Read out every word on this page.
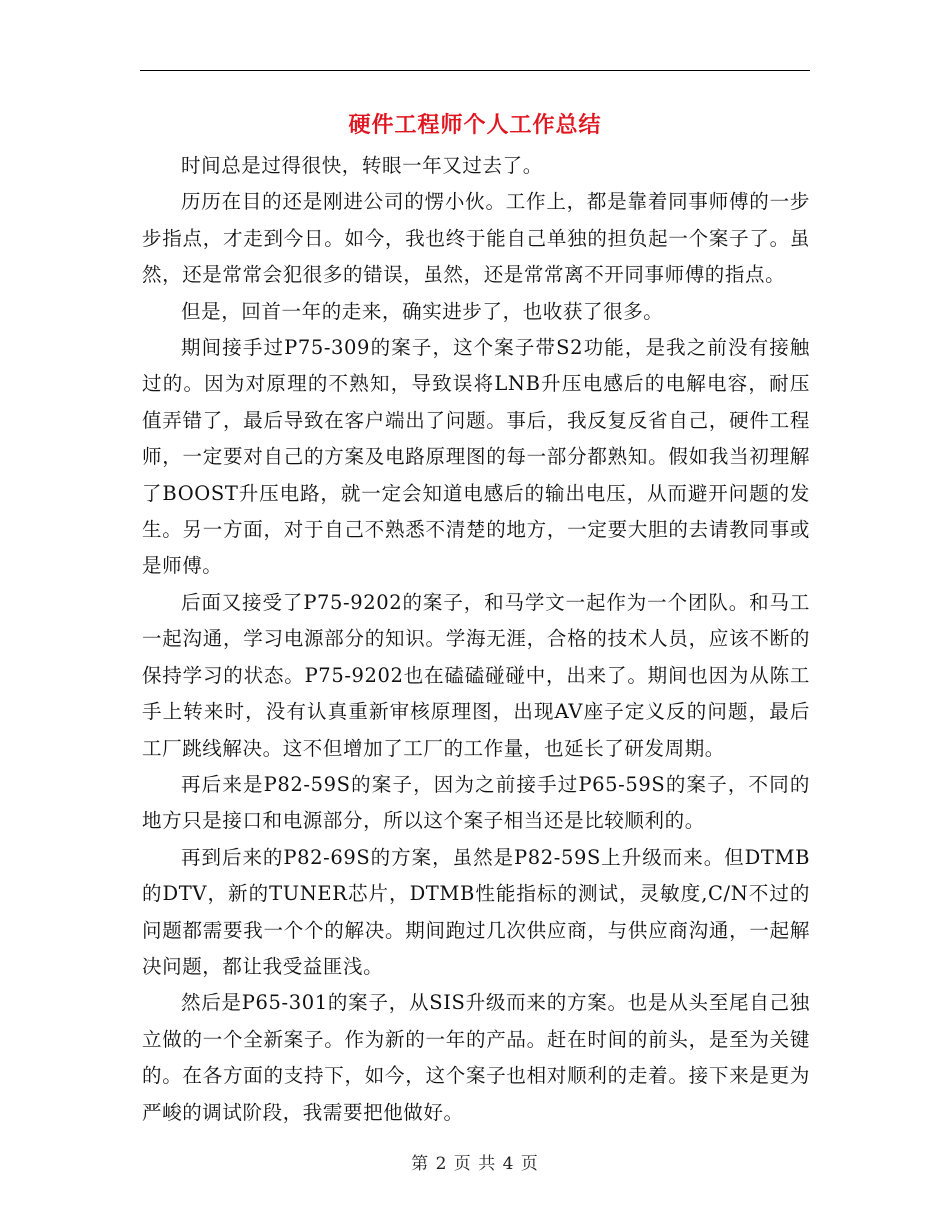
硬件工程师个人工作总结

时间总是过得很快，转眼一年又过去了。

历历在目的还是刚进公司的愣小伙。工作上，都是靠着同事师傅的一步步指点，才走到今日。如今，我也终于能自己单独的担负起一个案子了。虽然，还是常常会犯很多的错误，虽然，还是常常离不开同事师傅的指点。

但是，回首一年的走来，确实进步了，也收获了很多。

期间接手过P75-309的案子，这个案子带S2功能，是我之前没有接触过的。因为对原理的不熟知，导致误将LNB升压电感后的电解电容，耐压值弄错了，最后导致在客户端出了问题。事后，我反复反省自己，硬件工程师，一定要对自己的方案及电路原理图的每一部分都熟知。假如我当初理解了BOOST升压电路，就一定会知道电感后的输出电压，从而避开问题的发生。另一方面，对于自己不熟悉不清楚的地方，一定要大胆的去请教同事或是师傅。

后面又接受了P75-9202的案子，和马学文一起作为一个团队。和马工一起沟通，学习电源部分的知识。学海无涯，合格的技术人员，应该不断的保持学习的状态。P75-9202也在磕磕碰碰中，出来了。期间也因为从陈工手上转来时，没有认真重新审核原理图，出现AV座子定义反的问题，最后工厂跳线解决。这不但增加了工厂的工作量，也延长了研发周期。

再后来是P82-59S的案子，因为之前接手过P65-59S的案子，不同的地方只是接口和电源部分，所以这个案子相当还是比较顺利的。

再到后来的P82-69S的方案，虽然是P82-59S上升级而来。但DTMB的DTV，新的TUNER芯片，DTMB性能指标的测试，灵敏度,C/N不过的问题都需要我一个个的解决。期间跑过几次供应商，与供应商沟通，一起解决问题，都让我受益匪浅。

然后是P65-301的案子，从SIS升级而来的方案。也是从头至尾自己独立做的一个全新案子。作为新的一年的产品。赶在时间的前头，是至为关键的。在各方面的支持下，如今，这个案子也相对顺利的走着。接下来是更为严峻的调试阶段，我需要把他做好。

第 2 页 共 4 页
